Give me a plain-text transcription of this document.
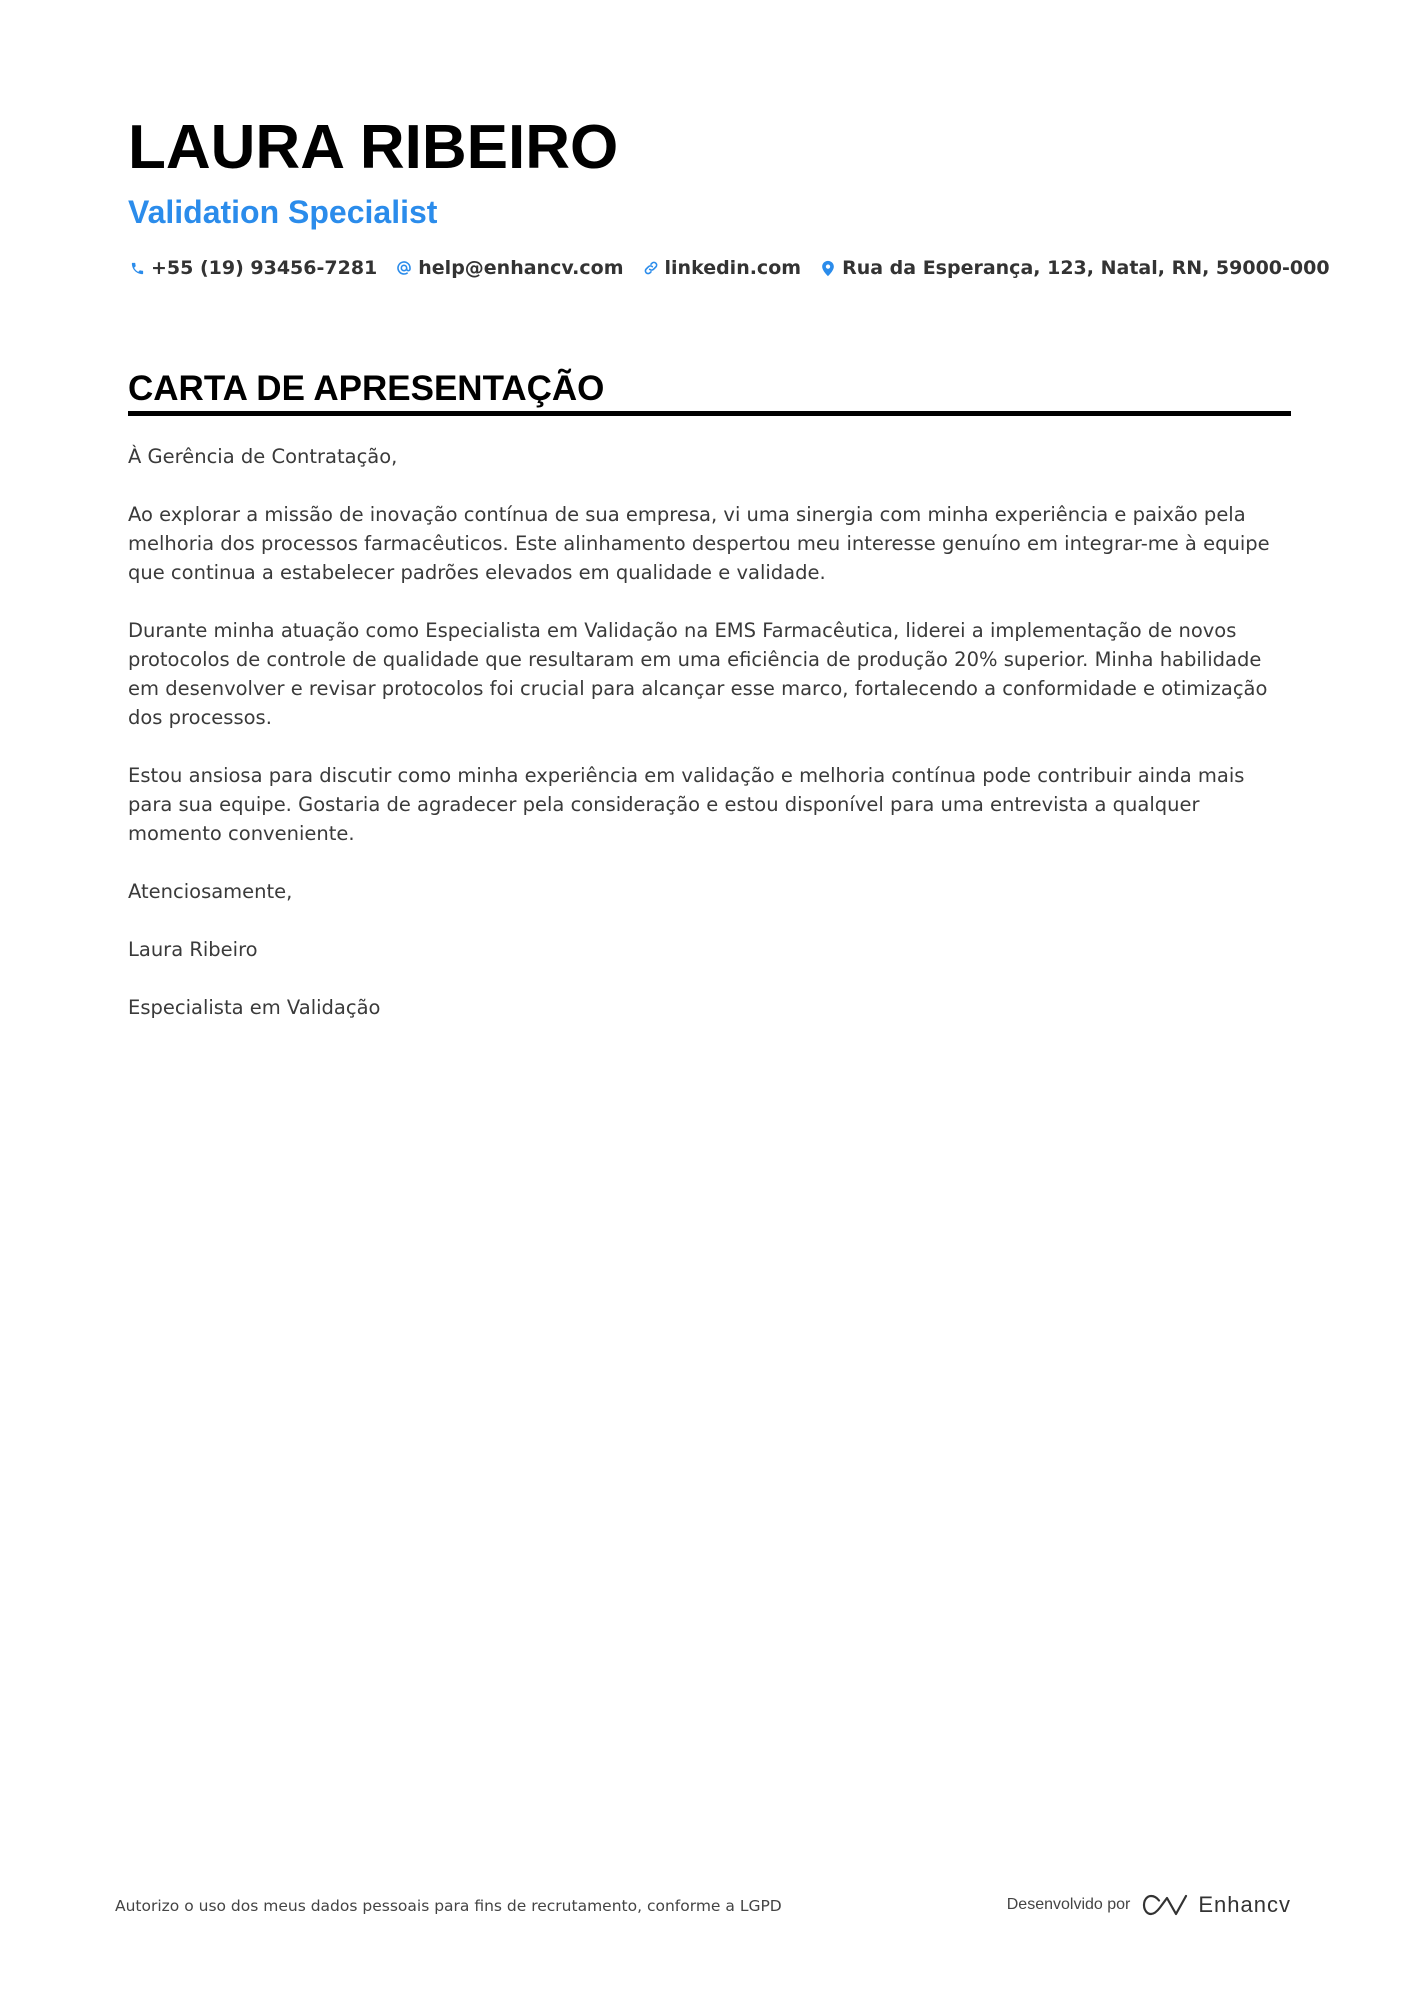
LAURA RIBEIRO
Validation Specialist
+55 (19) 93456-7281 help@enhancv.com linkedin.com Rua da Esperança, 123, Natal, RN, 59000-000
CARTA DE APRESENTAÇÃO

À Gerência de Contratação,

Ao explorar a missão de inovação contínua de sua empresa, vi uma sinergia com minha experiência e paixão pela melhoria dos processos farmacêuticos. Este alinhamento despertou meu interesse genuíno em integrar-me à equipe que continua a estabelecer padrões elevados em qualidade e validade.

Durante minha atuação como Especialista em Validação na EMS Farmacêutica, liderei a implementação de novos protocolos de controle de qualidade que resultaram em uma eficiência de produção 20% superior. Minha habilidade em desenvolver e revisar protocolos foi crucial para alcançar esse marco, fortalecendo a conformidade e otimização dos processos.

Estou ansiosa para discutir como minha experiência em validação e melhoria contínua pode contribuir ainda mais para sua equipe. Gostaria de agradecer pela consideração e estou disponível para uma entrevista a qualquer momento conveniente.

Atenciosamente,

Laura Ribeiro

Especialista em Validação

Autorizo o uso dos meus dados pessoais para fins de recrutamento, conforme a LGPD	Desenvolvido por	Enhancv
